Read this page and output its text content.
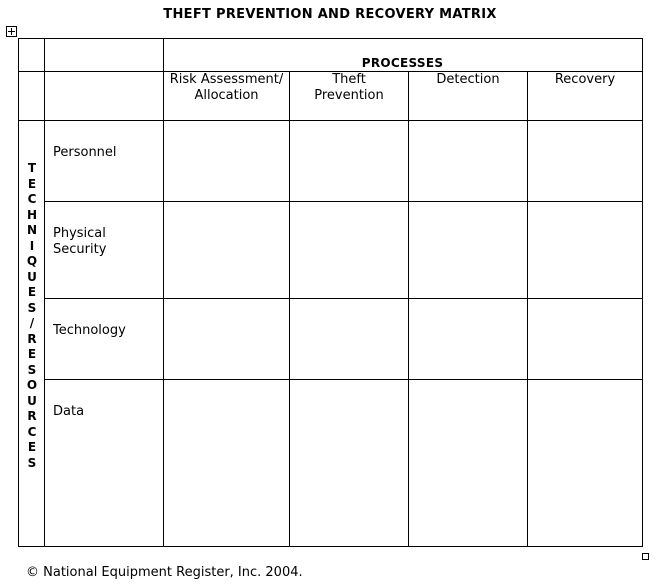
THEFT PREVENTION AND RECOVERY MATRIX
PROCESSES
Risk Assessment/ Allocation
Theft Prevention
Detection	Recovery
T
E
C
H
N
I
Q
U
E
S
/
R
E
S
O
U
R
C
E
S
Personnel
Physical Security
Technology
Data
© National Equipment Register, Inc. 2004.
